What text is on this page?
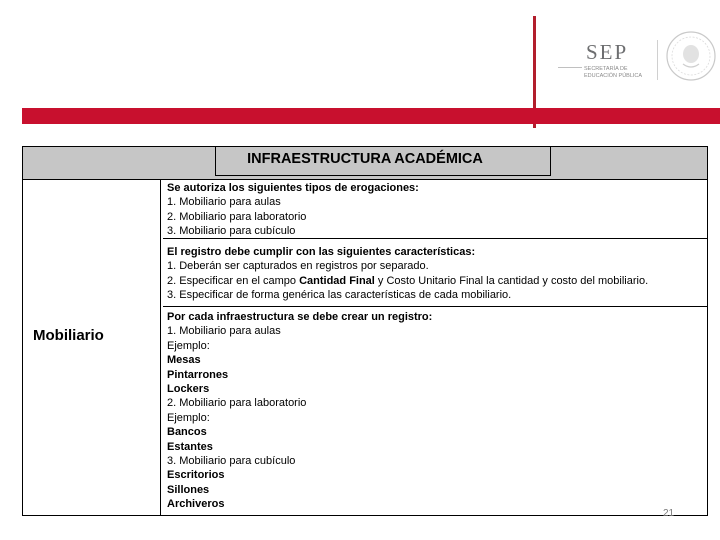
SEP
SECRETARÍA DE
EDUCACIÓN PÚBLICA
INFRAESTRUCTURA ACADÉMICA
Mobiliario
Se autoriza los siguientes tipos de erogaciones:
1. Mobiliario para aulas
2. Mobiliario para laboratorio
3. Mobiliario para cubículo
El registro debe cumplir con las siguientes características:
1. Deberán ser capturados en registros por separado.
2. Especificar en el campo Cantidad Final y Costo Unitario Final la cantidad y costo del mobiliario.
3. Especificar de forma genérica las características de cada mobiliario.
Por cada infraestructura se debe crear un registro:
1. Mobiliario para aulas
Ejemplo:
Mesas
Pintarrones
Lockers
2. Mobiliario para laboratorio
Ejemplo:
Bancos
Estantes
3. Mobiliario para cubículo
Escritorios
Sillones
Archiveros
21
